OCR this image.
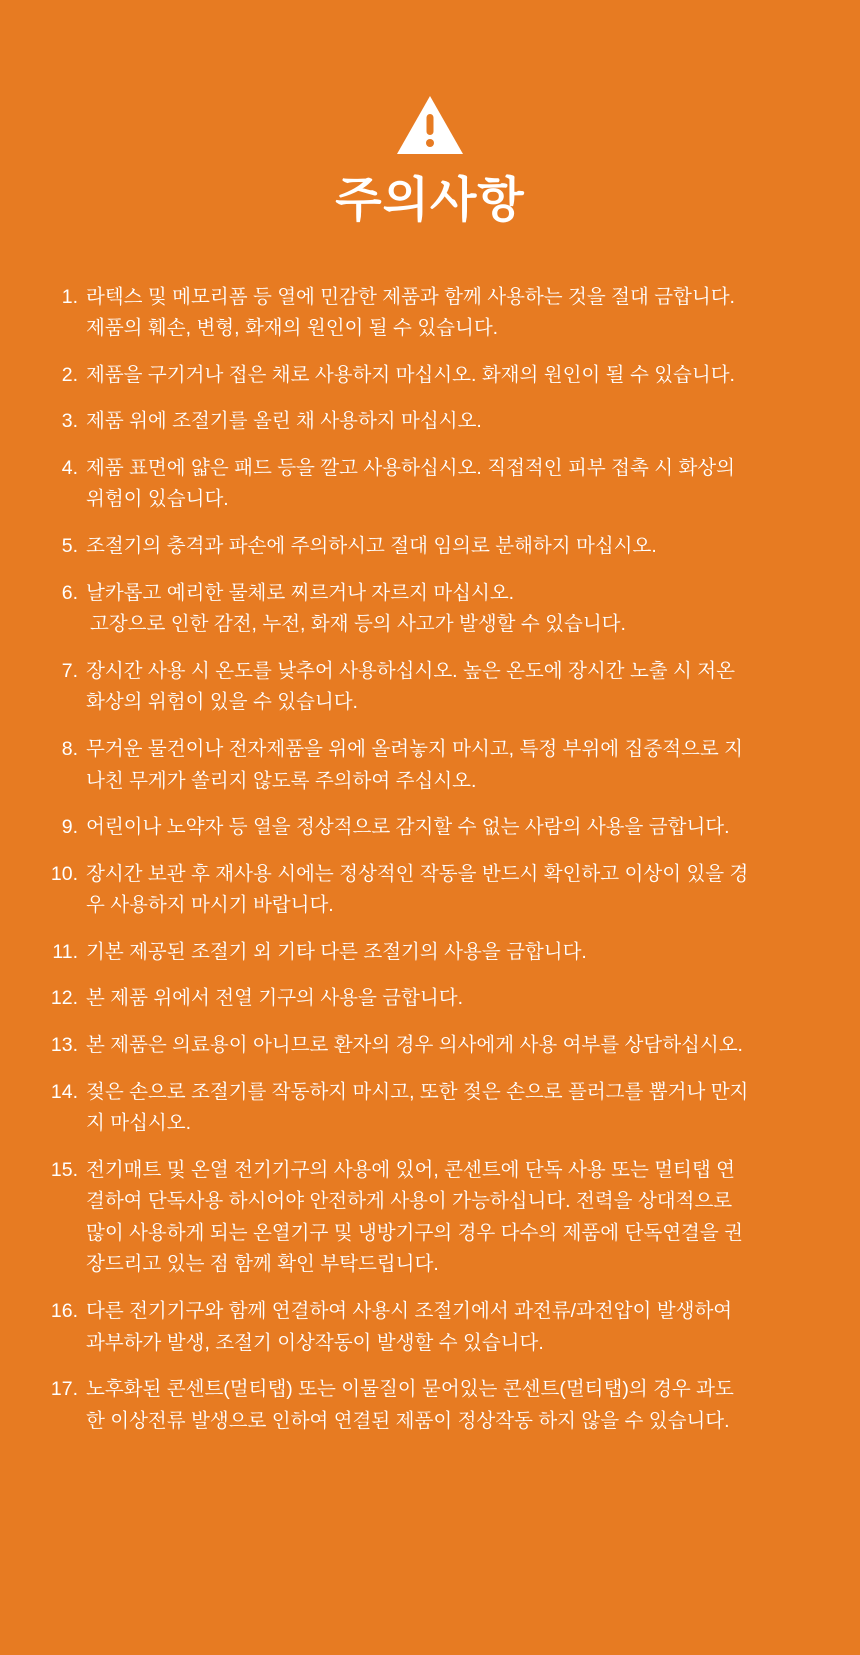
주의사항
라텍스 및 메모리폼 등 열에 민감한 제품과 함께 사용하는 것을 절대 금합니다.
제품의 훼손, 변형, 화재의 원인이 될 수 있습니다.
제품을 구기거나 접은 채로 사용하지 마십시오. 화재의 원인이 될 수 있습니다.
제품 위에 조절기를 올린 채 사용하지 마십시오.
제품 표면에 얇은 패드 등을 깔고 사용하십시오. 직접적인 피부 접촉 시 화상의
위험이 있습니다.
조절기의 충격과 파손에 주의하시고 절대 임의로 분해하지 마십시오.
날카롭고 예리한 물체로 찌르거나 자르지 마십시오.
고장으로 인한 감전, 누전, 화재 등의 사고가 발생할 수 있습니다.
장시간 사용 시 온도를 낮추어 사용하십시오. 높은 온도에 장시간 노출 시 저온
화상의 위험이 있을 수 있습니다.
무거운 물건이나 전자제품을 위에 올려놓지 마시고, 특정 부위에 집중적으로 지
나친 무게가 쏠리지 않도록 주의하여 주십시오.
어린이나 노약자 등 열을 정상적으로 감지할 수 없는 사람의 사용을 금합니다.
장시간 보관 후 재사용 시에는 정상적인 작동을 반드시 확인하고 이상이 있을 경
우 사용하지 마시기 바랍니다.
기본 제공된 조절기 외 기타 다른 조절기의 사용을 금합니다.
본 제품 위에서 전열 기구의 사용을 금합니다.
본 제품은 의료용이 아니므로 환자의 경우 의사에게 사용 여부를 상담하십시오.
젖은 손으로 조절기를 작동하지 마시고, 또한 젖은 손으로 플러그를 뽑거나 만지
지 마십시오.
전기매트 및 온열 전기기구의 사용에 있어, 콘센트에 단독 사용 또는 멀티탭 연
결하여 단독사용 하시어야 안전하게 사용이 가능하십니다. 전력을 상대적으로
많이 사용하게 되는 온열기구 및 냉방기구의 경우 다수의 제품에 단독연결을 권
장드리고 있는 점 함께 확인 부탁드립니다.
다른 전기기구와 함께 연결하여 사용시 조절기에서 과전류/과전압이 발생하여
과부하가 발생, 조절기 이상작동이 발생할 수 있습니다.
노후화된 콘센트(멀티탭) 또는 이물질이 묻어있는 콘센트(멀티탭)의 경우 과도
한 이상전류 발생으로 인하여 연결된 제품이 정상작동 하지 않을 수 있습니다.
